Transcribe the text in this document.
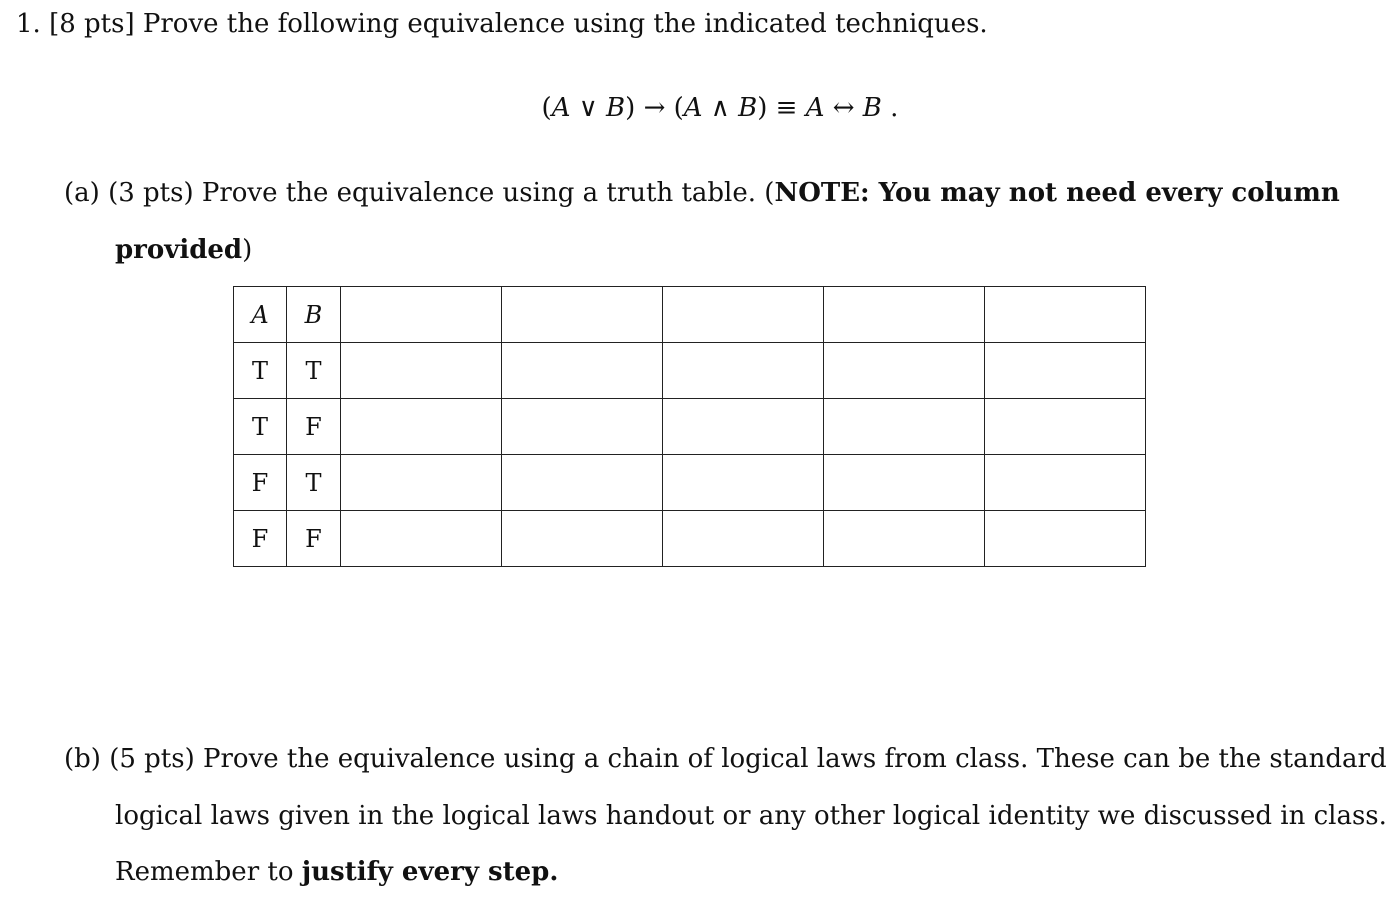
1. [8 pts] Prove the following equivalence using the indicated techniques.
(A ∨ B) → (A ∧ B) ≡ A ↔ B .
(a) (3 pts) Prove the equivalence using a truth table. (NOTE: You may not need every column
provided)
A	B					
T	T					
T	F					
F	T					
F	F					
(b) (5 pts) Prove the equivalence using a chain of logical laws from class. These can be the standard
logical laws given in the logical laws handout or any other logical identity we discussed in class.
Remember to justify every step.
